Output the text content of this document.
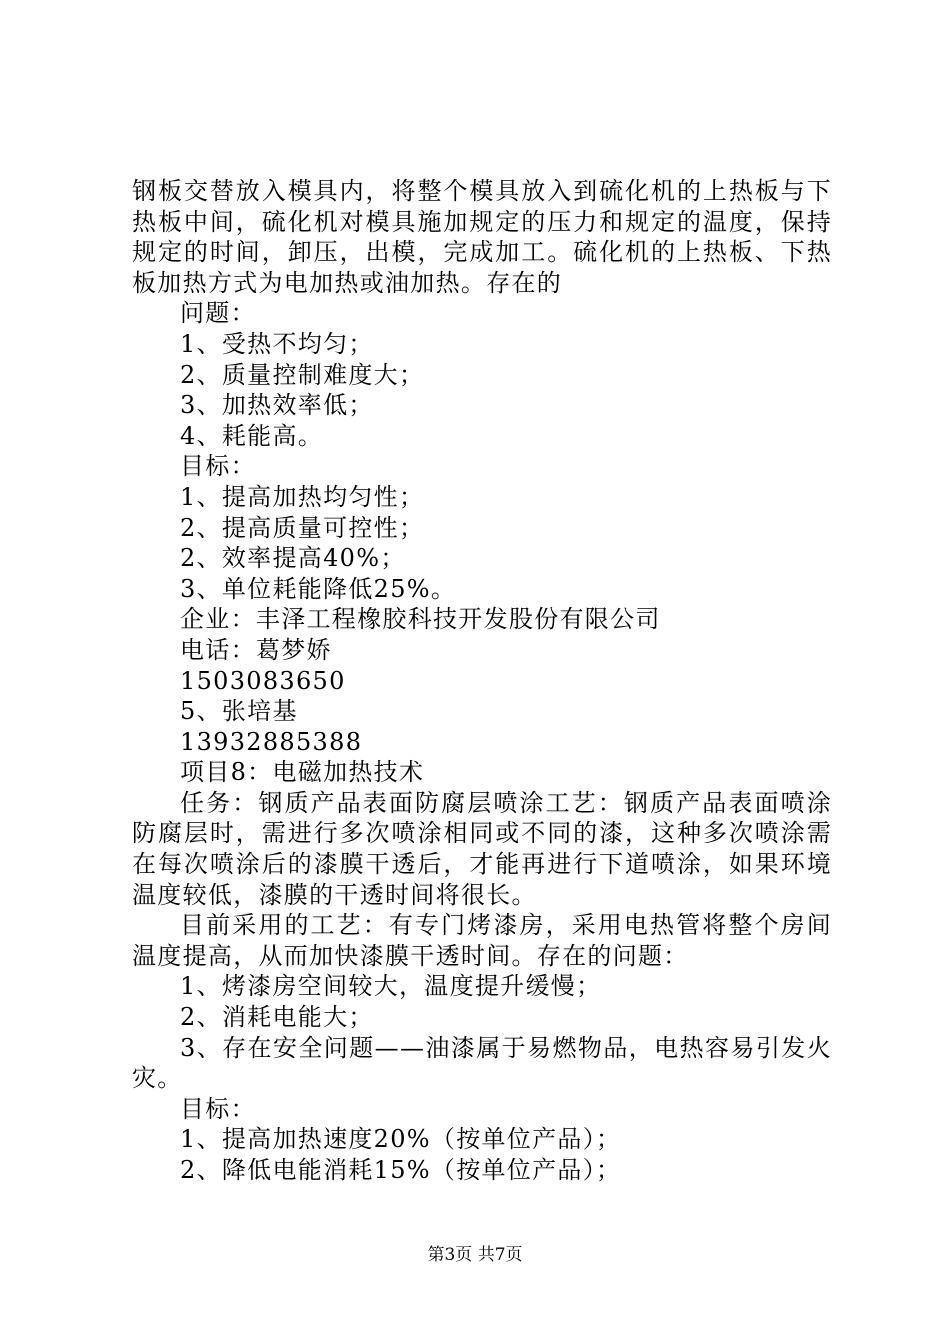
钢板交替放入模具内，将整个模具放入到硫化机的上热板与下
热板中间，硫化机对模具施加规定的压力和规定的温度，保持
规定的时间，卸压，出模，完成加工。硫化机的上热板、下热
板加热方式为电加热或油加热。存在的
问题：
1、受热不均匀；
2、质量控制难度大；
3、加热效率低；
4、耗能高。
目标：
1、提高加热均匀性；
2、提高质量可控性；
2、效率提高40%；
3、单位耗能降低25%。
企业：丰泽工程橡胶科技开发股份有限公司
电话：葛梦娇
1503083650
5、张培基
13932885388
项目8：电磁加热技术
任务：钢质产品表面防腐层喷涂工艺：钢质产品表面喷涂
防腐层时，需进行多次喷涂相同或不同的漆，这种多次喷涂需
在每次喷涂后的漆膜干透后，才能再进行下道喷涂，如果环境
温度较低，漆膜的干透时间将很长。
目前采用的工艺：有专门烤漆房，采用电热管将整个房间
温度提高，从而加快漆膜干透时间。存在的问题：
1、烤漆房空间较大，温度提升缓慢；
2、消耗电能大；
3、存在安全问题——油漆属于易燃物品，电热容易引发火
灾。
目标：
1、提高加热速度20%（按单位产品）；
2、降低电能消耗15%（按单位产品）；
第3页 共7页
